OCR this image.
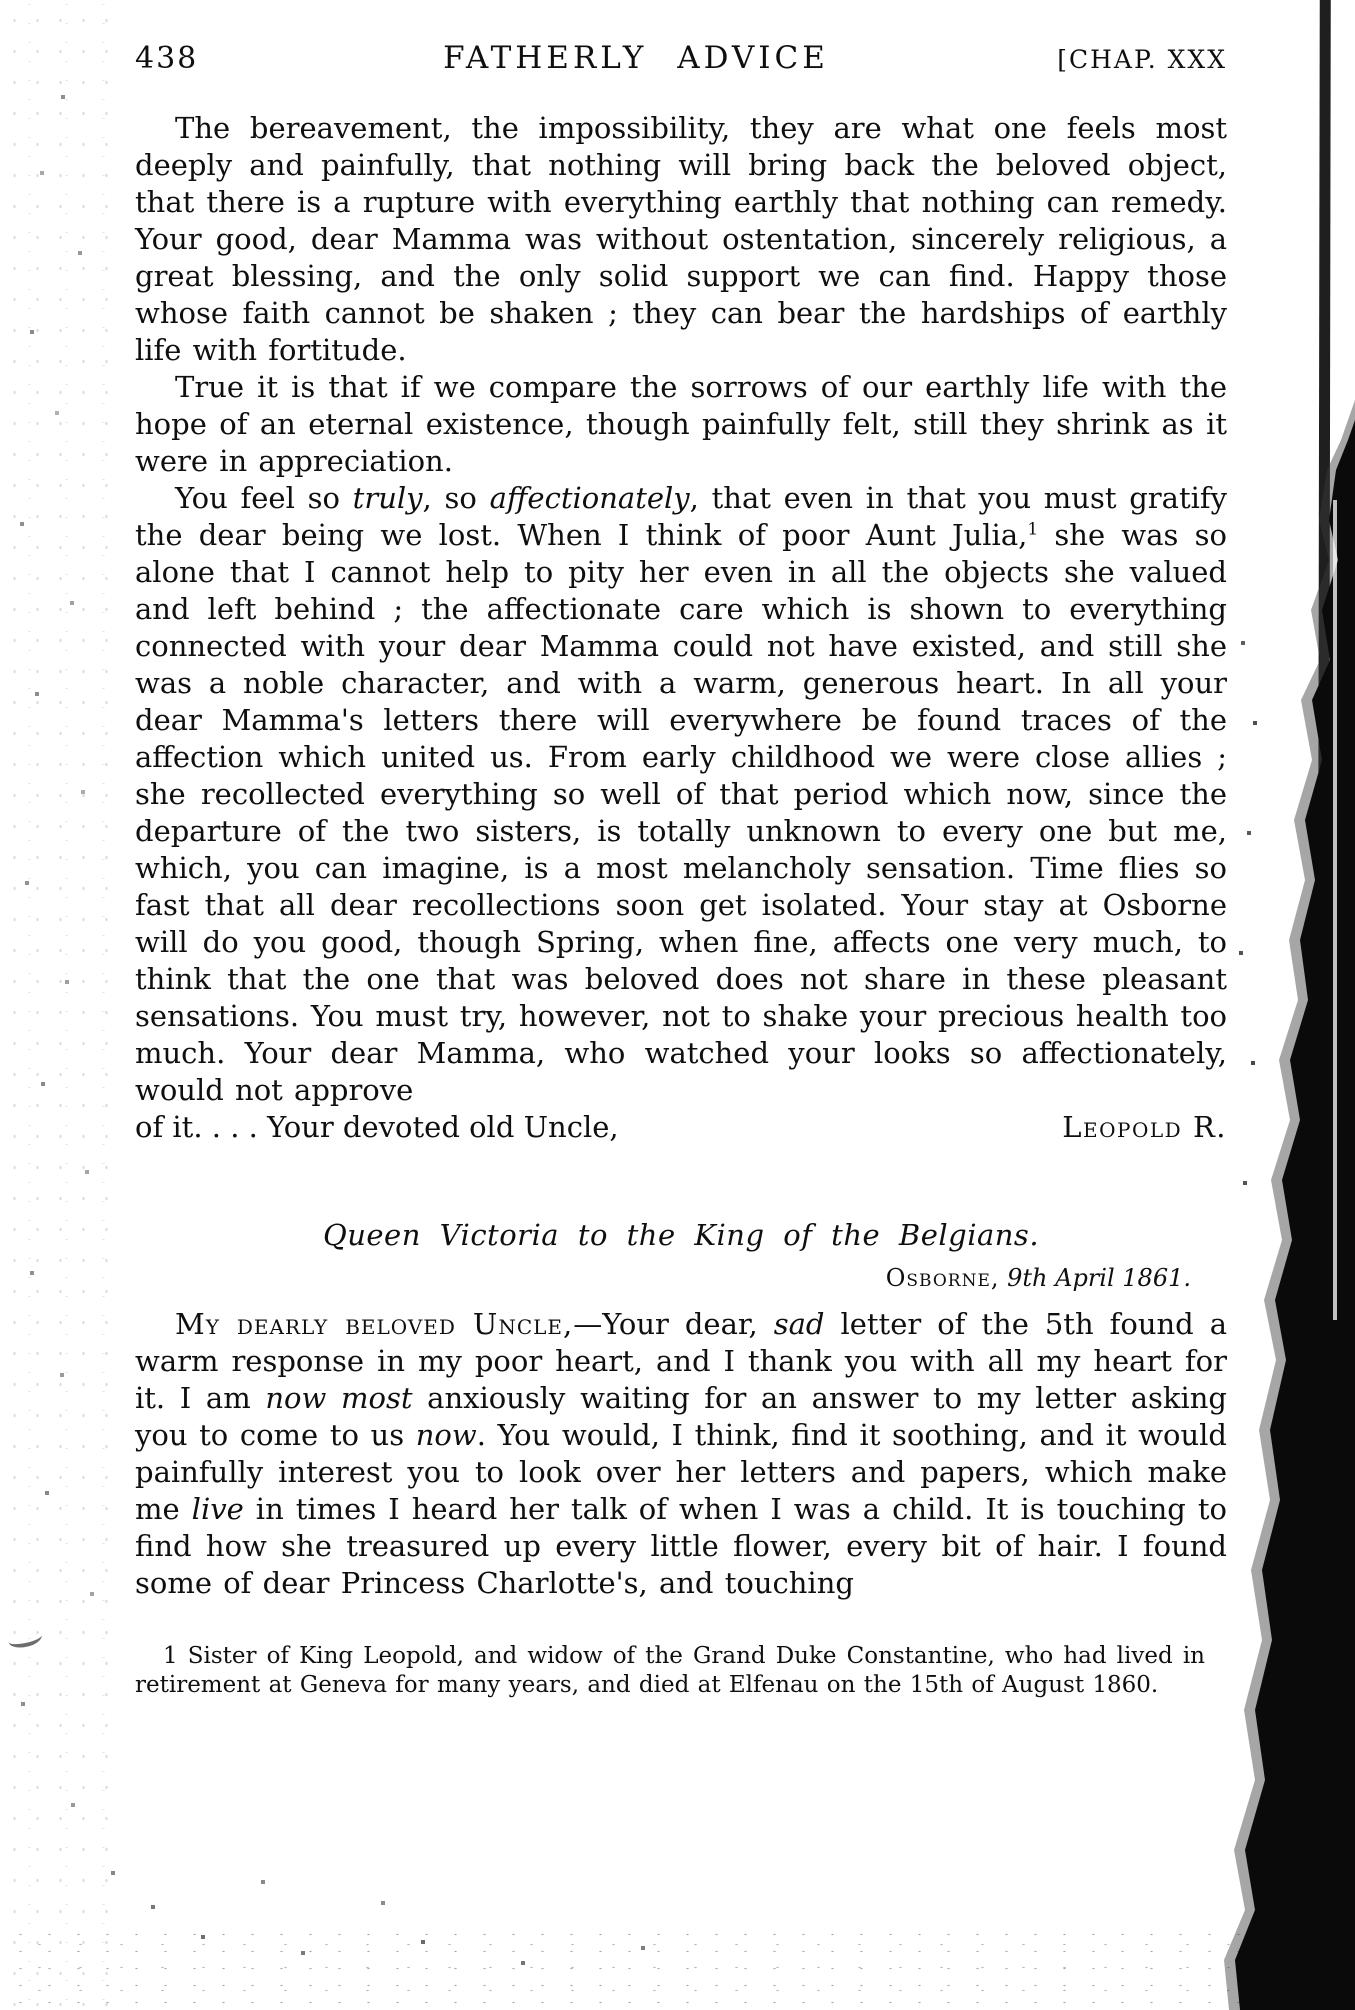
438	FATHERLY ADVICE	[CHAP. XXX

The bereavement, the impossibility, they are what one feels most deeply and painfully, that nothing will bring back the beloved object, that there is a rupture with everything earthly that nothing can remedy. Your good, dear Mamma was without ostentation, sincerely religious, a great blessing, and the only solid support we can find. Happy those whose faith cannot be shaken ; they can bear the hardships of earthly life with fortitude.

True it is that if we compare the sorrows of our earthly life with the hope of an eternal existence, though painfully felt, still they shrink as it were in appreciation.

You feel so truly, so affectionately, that even in that you must gratify the dear being we lost. When I think of poor Aunt Julia,$^1$ she was so alone that I cannot help to pity her even in all the objects she valued and left behind ; the affectionate care which is shown to everything connected with your dear Mamma could not have existed, and still she was a noble character, and with a warm, generous heart. In all your dear Mamma's letters there will everywhere be found traces of the affection which united us. From early childhood we were close allies ; she recollected everything so well of that period which now, since the departure of the two sisters, is totally unknown to every one but me, which, you can imagine, is a most melancholy sensation. Time flies so fast that all dear recollections soon get isolated. Your stay at Osborne will do you good, though Spring, when fine, affects one very much, to think that the one that was beloved does not share in these pleasant sensations. You must try, however, not to shake your precious health too much. Your dear Mamma, who watched your looks so affectionately, would not approve

of it. . . . Your devoted old Uncle,	Leopold R.

Queen Victoria to the King of the Belgians.

Osborne, 9th April 1861.

My dearly beloved Uncle,—Your dear, sad letter of the 5th found a warm response in my poor heart, and I thank you with all my heart for it. I am now most anxiously waiting for an answer to my letter asking you to come to us now. You would, I think, find it soothing, and it would painfully interest you to look over her letters and papers, which make me live in times I heard her talk of when I was a child. It is touching to find how she treasured up every little flower, every bit of hair. I found some of dear Princess Charlotte's, and touching

1 Sister of King Leopold, and widow of the Grand Duke Constantine, who had lived in retirement at Geneva for many years, and died at Elfenau on the 15th of August 1860.
